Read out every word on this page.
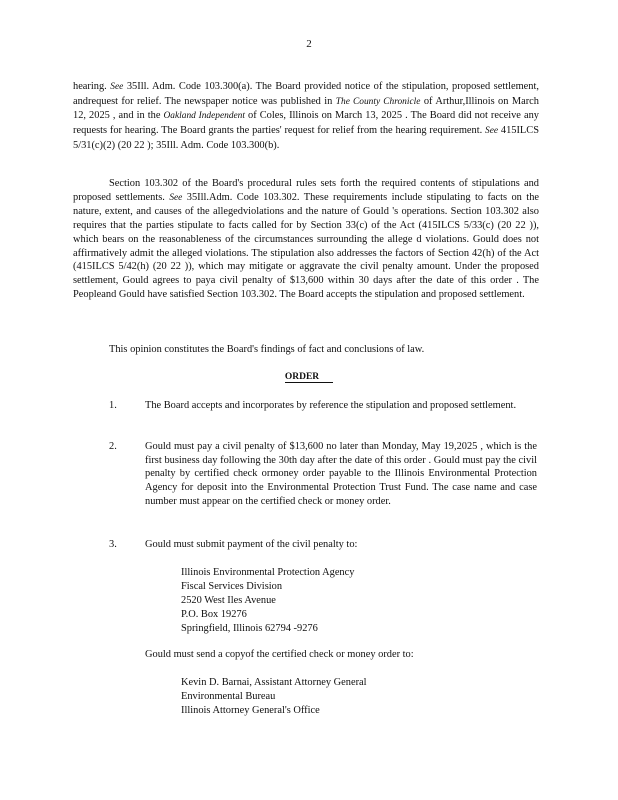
2
hearing. See 35Ill. Adm. Code 103.300(a). The Board provided notice of the stipulation, proposed settlement, andrequest for relief. The newspaper notice was published in The County Chronicle of Arthur,Illinois on March 12, 2025 , and in the Oakland Independent of Coles, Illinois on March 13, 2025 . The Board did not receive any requests for hearing. The Board grants the parties' request for relief from the hearing requirement. See 415ILCS 5/31(c)(2) (20 22 ); 35Ill. Adm. Code 103.300(b).
Section 103.302 of the Board's procedural rules sets forth the required contents of stipulations and proposed settlements. See 35Ill.Adm. Code 103.302. These requirements include stipulating to facts on the nature, extent, and causes of the allegedviolations and the nature of Gould 's operations. Section 103.302 also requires that the parties stipulate to facts called for by Section 33(c) of the Act (415ILCS 5/33(c) (20 22 )), which bears on the reasonableness of the circumstances surrounding the allege d violations. Gould does not affirmatively admit the alleged violations. The stipulation also addresses the factors of Section 42(h) of the Act (415ILCS 5/42(h) (20 22 )), which may mitigate or aggravate the civil penalty amount. Under the proposed settlement, Gould agrees to paya civil penalty of $13,600 within 30 days after the date of this order . The Peopleand Gould have satisfied Section 103.302. The Board accepts the stipulation and proposed settlement.
This opinion constitutes the Board's findings of fact and conclusions of law.
ORDER
1.	The Board accepts and incorporates by reference the stipulation and proposed settlement.
2.	Gould must pay a civil penalty of $13,600 no later than Monday, May 19,2025 , which is the first business day following the 30th day after the date of this order . Gould must pay the civil penalty by certified check ormoney order payable to the Illinois Environmental Protection Agency for deposit into the Environmental Protection Trust Fund. The case name and case number must appear on the certified check or money order.
3.	Gould must submit payment of the civil penalty to:
Illinois Environmental Protection Agency
Fiscal Services Division
2520 West Iles Avenue
P.O. Box 19276
Springfield, Illinois 62794 -9276
Gould must send a copyof the certified check or money order to:
Kevin D. Barnai, Assistant Attorney General
Environmental Bureau
Illinois Attorney General's Office
